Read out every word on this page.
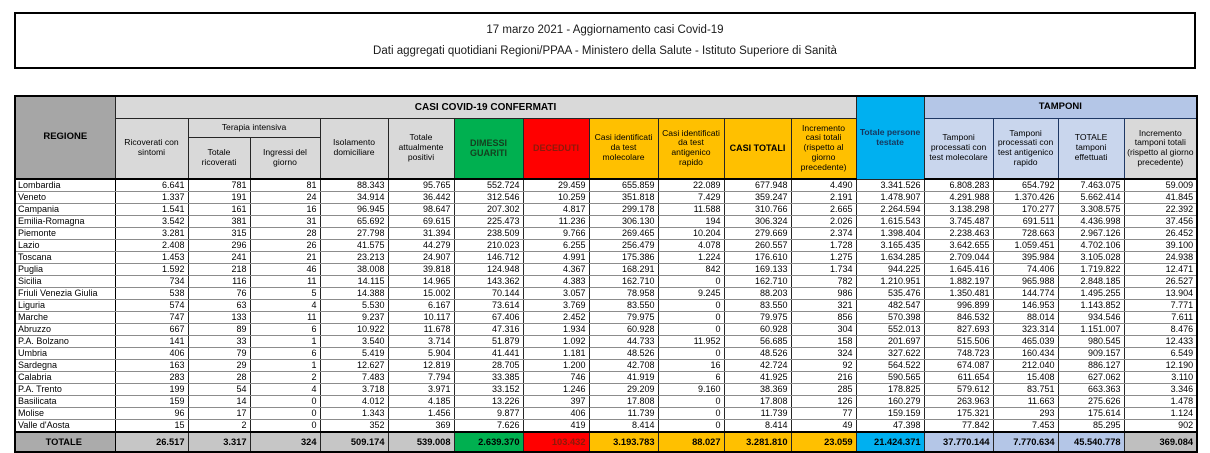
17 marzo 2021 - Aggiornamento casi Covid-19
Dati aggregati quotidiani Regioni/PPAA - Ministero della Salute - Istituto Superiore di Sanità
REGIONE	CASI COVID-19 CONFERMATI											Totale persone testate	TAMPONI			
	Ricoverati con sintomi	Terapia intensiva		Isolamento domiciliare	Totale attualmente positivi	DIMESSI GUARITI	DECEDUTI	Casi identificati da test molecolare	Casi identificati da test antigenico rapido	CASI TOTALI	Incremento casi totali (rispetto al giorno precedente)		Tamponi processati con test molecolare	Tamponi processati con test antigenico rapido	TOTALE tamponi effettuati	Incremento tamponi totali (rispetto al giorno precedente)
		Totale ricoverati	Ingressi del giorno													
Lombardia	6.641	781	81	88.343	95.765	552.724	29.459	655.859	22.089	677.948	4.490	3.341.526	6.808.283	654.792	7.463.075	59.009
Veneto	1.337	191	24	34.914	36.442	312.546	10.259	351.818	7.429	359.247	2.191	1.478.907	4.291.988	1.370.426	5.662.414	41.845
Campania	1.541	161	16	96.945	98.647	207.302	4.817	299.178	11.588	310.766	2.665	2.264.594	3.138.298	170.277	3.308.575	22.392
Emilia-Romagna	3.542	381	31	65.692	69.615	225.473	11.236	306.130	194	306.324	2.026	1.615.543	3.745.487	691.511	4.436.998	37.456
Piemonte	3.281	315	28	27.798	31.394	238.509	9.766	269.465	10.204	279.669	2.374	1.398.404	2.238.463	728.663	2.967.126	26.452
Lazio	2.408	296	26	41.575	44.279	210.023	6.255	256.479	4.078	260.557	1.728	3.165.435	3.642.655	1.059.451	4.702.106	39.100
Toscana	1.453	241	21	23.213	24.907	146.712	4.991	175.386	1.224	176.610	1.275	1.634.285	2.709.044	395.984	3.105.028	24.938
Puglia	1.592	218	46	38.008	39.818	124.948	4.367	168.291	842	169.133	1.734	944.225	1.645.416	74.406	1.719.822	12.471
Sicilia	734	116	11	14.115	14.965	143.362	4.383	162.710	0	162.710	782	1.210.951	1.882.197	965.988	2.848.185	26.527
Friuli Venezia Giulia	538	76	5	14.388	15.002	70.144	3.057	78.958	9.245	88.203	986	535.476	1.350.481	144.774	1.495.255	13.904
Liguria	574	63	4	5.530	6.167	73.614	3.769	83.550	0	83.550	321	482.547	996.899	146.953	1.143.852	7.771
Marche	747	133	11	9.237	10.117	67.406	2.452	79.975	0	79.975	856	570.398	846.532	88.014	934.546	7.611
Abruzzo	667	89	6	10.922	11.678	47.316	1.934	60.928	0	60.928	304	552.013	827.693	323.314	1.151.007	8.476
P.A. Bolzano	141	33	1	3.540	3.714	51.879	1.092	44.733	11.952	56.685	158	201.697	515.506	465.039	980.545	12.433
Umbria	406	79	6	5.419	5.904	41.441	1.181	48.526	0	48.526	324	327.622	748.723	160.434	909.157	6.549
Sardegna	163	29	1	12.627	12.819	28.705	1.200	42.708	16	42.724	92	564.522	674.087	212.040	886.127	12.190
Calabria	283	28	2	7.483	7.794	33.385	746	41.919	6	41.925	216	590.565	611.654	15.408	627.062	3.110
P.A. Trento	199	54	4	3.718	3.971	33.152	1.246	29.209	9.160	38.369	285	178.825	579.612	83.751	663.363	3.346
Basilicata	159	14	0	4.012	4.185	13.226	397	17.808	0	17.808	126	160.279	263.963	11.663	275.626	1.478
Molise	96	17	0	1.343	1.456	9.877	406	11.739	0	11.739	77	159.159	175.321	293	175.614	1.124
Valle d'Aosta	15	2	0	352	369	7.626	419	8.414	0	8.414	49	47.398	77.842	7.453	85.295	902
TOTALE	26.517	3.317	324	509.174	539.008	2.639.370	103.432	3.193.783	88.027	3.281.810	23.059	21.424.371	37.770.144	7.770.634	45.540.778	369.084
